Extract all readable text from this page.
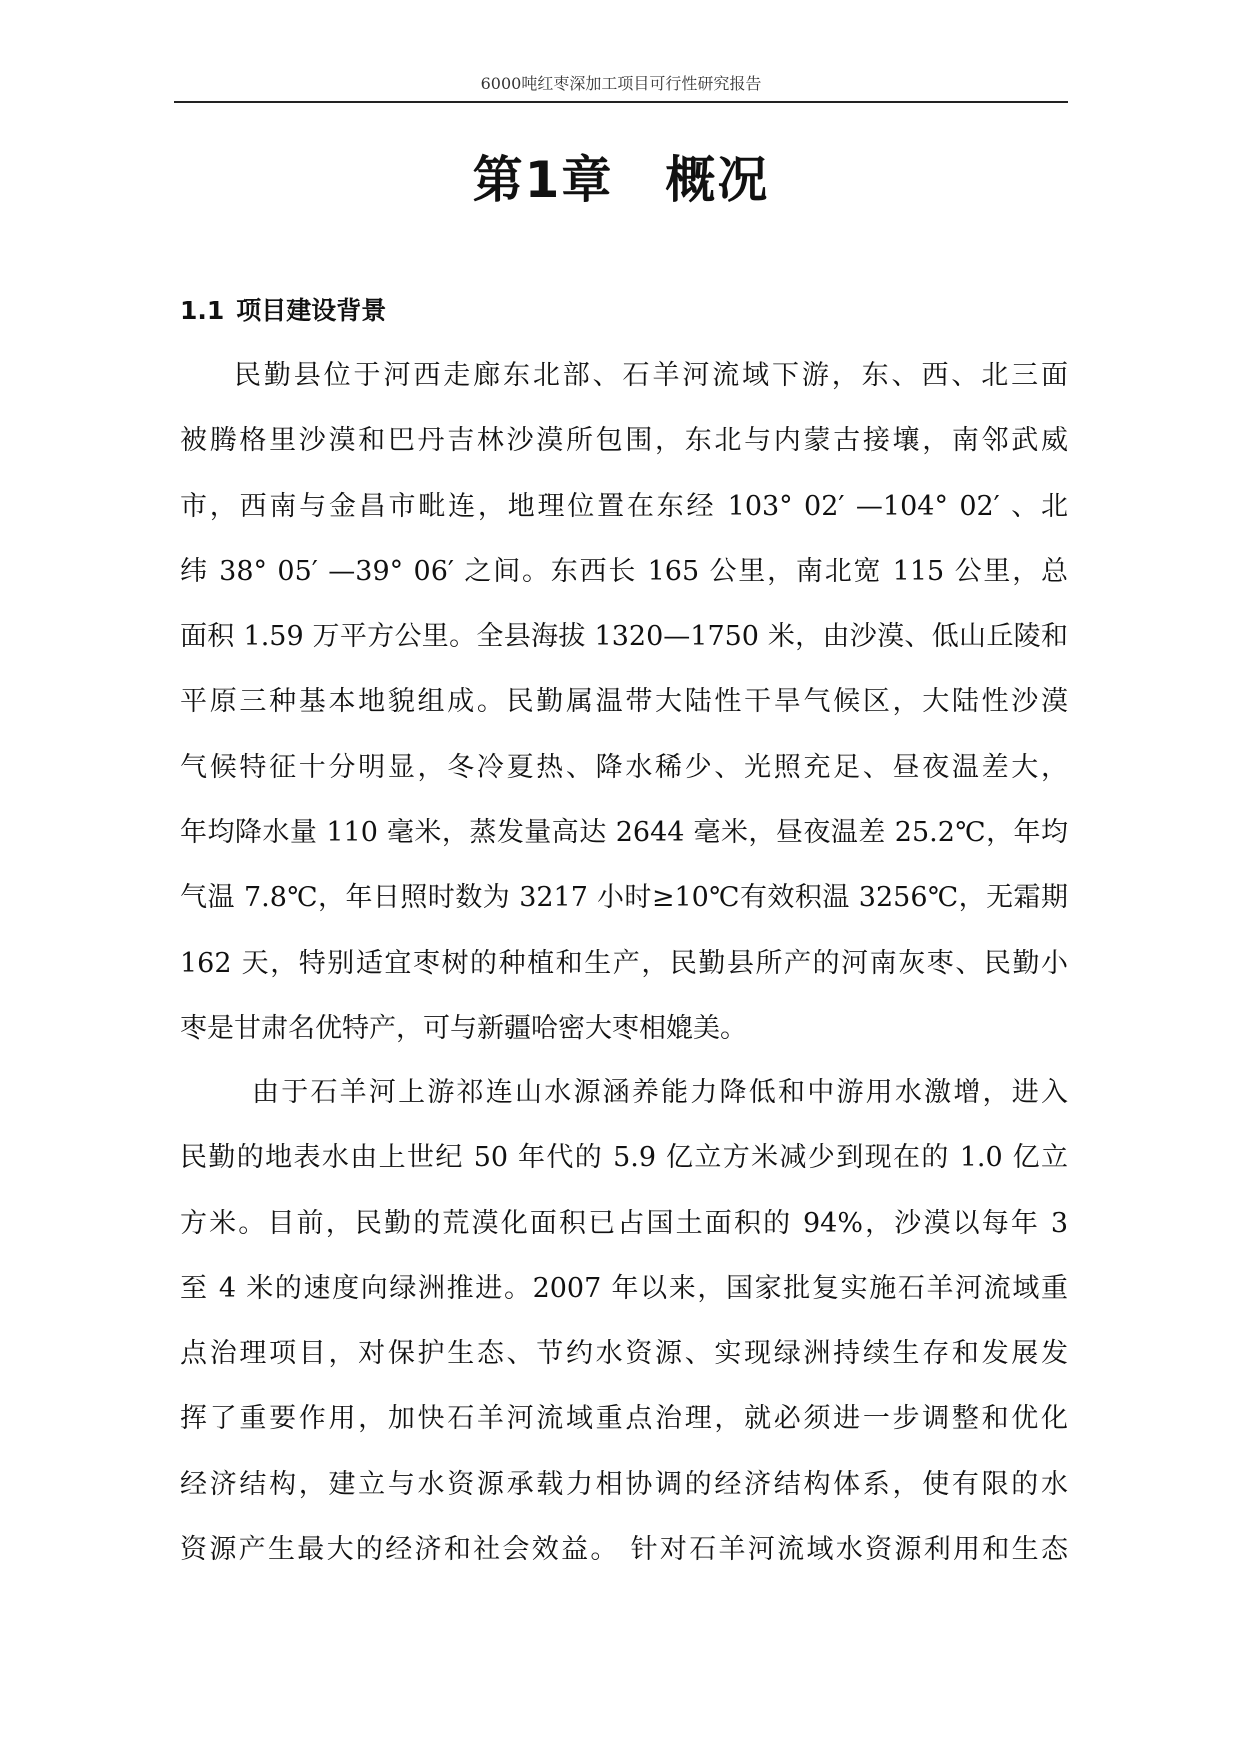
6000吨红枣深加工项目可行性研究报告
第1章 概况
1.1 项目建设背景
民勤县位于河西走廊东北部、石羊河流域下游，东、西、北三面
被腾格里沙漠和巴丹吉林沙漠所包围，东北与内蒙古接壤，南邻武威
市，西南与金昌市毗连，地理位置在东经 103° 02′ —104° 02′ 、北
纬 38° 05′ —39° 06′ 之间。东西长 165 公里，南北宽 115 公里，总
面积 1.59 万平方公里。全县海拔 1320—1750 米，由沙漠、低山丘陵和
平原三种基本地貌组成。民勤属温带大陆性干旱气候区，大陆性沙漠
气候特征十分明显，冬冷夏热、降水稀少、光照充足、昼夜温差大，
年均降水量 110 毫米，蒸发量高达 2644 毫米，昼夜温差 25.2℃，年均
气温 7.8℃，年日照时数为 3217 小时≥10℃有效积温 3256℃，无霜期
162 天，特别适宜枣树的种植和生产，民勤县所产的河南灰枣、民勤小
枣是甘肃名优特产，可与新疆哈密大枣相媲美。
由于石羊河上游祁连山水源涵养能力降低和中游用水激增，进入
民勤的地表水由上世纪 50 年代的 5.9 亿立方米减少到现在的 1.0 亿立
方米。目前，民勤的荒漠化面积已占国土面积的 94%，沙漠以每年 3
至 4 米的速度向绿洲推进。2007 年以来，国家批复实施石羊河流域重
点治理项目，对保护生态、节约水资源、实现绿洲持续生存和发展发
挥了重要作用，加快石羊河流域重点治理，就必须进一步调整和优化
经济结构，建立与水资源承载力相协调的经济结构体系，使有限的水
资源产生最大的经济和社会效益。 针对石羊河流域水资源利用和生态
